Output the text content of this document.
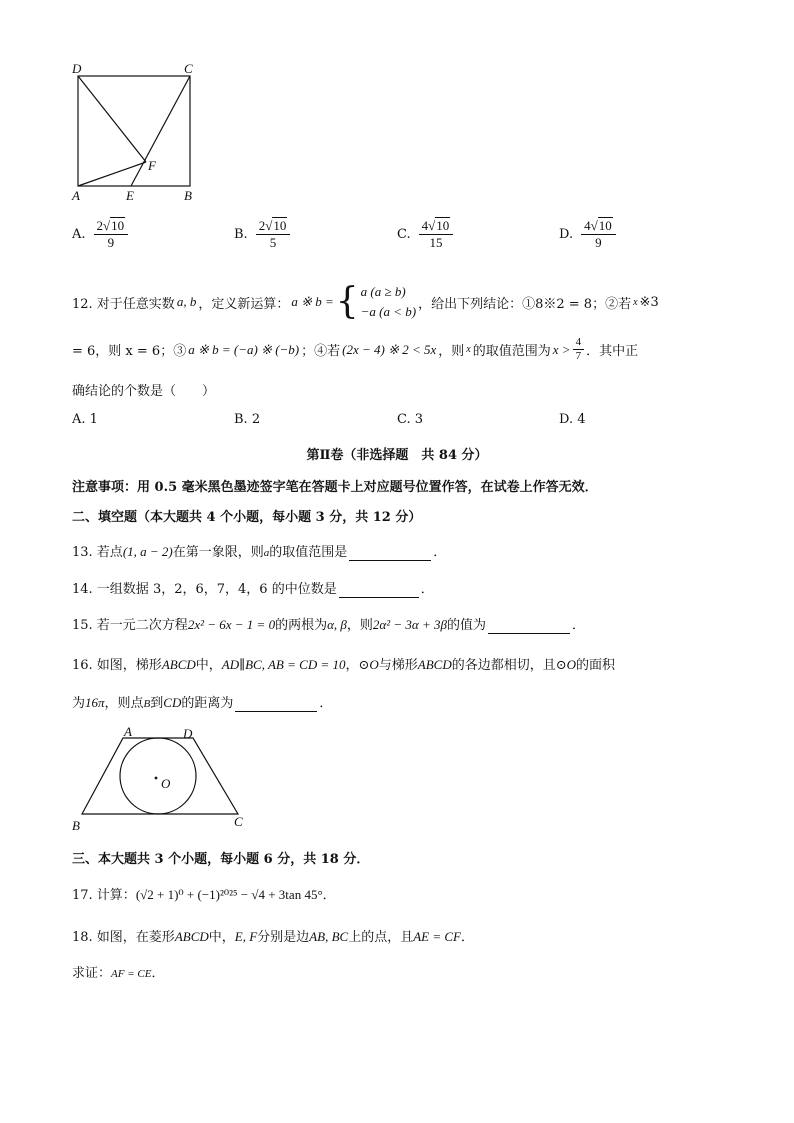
D	C
A	B
E
F
A. $\frac{2√10}{9}$	B. $\frac{2√10}{5}$	C. $\frac{4√10}{15}$	D. $\frac{4√10}{9}$
12. 对于任意实数 a, b ，定义新运算： a ※ b = { a (a ≥ b)
−a (a < b) ，给出下列结论：①8※2 = 8；②若 x ※3
= 6，则 x = 6；③ a ※ b = (−a) ※ (−b) ；④若 (2x − 4) ※ 2 < 5x ，则 x 的取值范围为 $x > \frac{4}{7}$ ．其中正
确结论的个数是（　　）
A. 1	B. 2	C. 3	D. 4
第Ⅱ卷（非选择题　共 84 分）
注意事项：用 0.5 毫米黑色墨迹签字笔在答题卡上对应题号位置作答，在试卷上作答无效．
二、填空题（本大题共 4 个小题，每小题 3 分，共 12 分）
13. 若点(1, a − 2)在第一象限，则a的取值范围是	．
14. 一组数据 3，2，6，7，4，6 的中位数是	．
15. 若一元二次方程2x² − 6x − 1 = 0的两根为α, β，则2α² − 3α + 3β的值为	．
16. 如图，梯形ABCD中，AD∥BC, AB = CD = 10，⊙O与梯形ABCD的各边都相切，且⊙O的面积
为16π，则点B到CD的距离为	．
A	D
O
B	C
三、本大题共 3 个小题，每小题 6 分，共 18 分．
17. 计算：(√2 + 1)⁰ + (−1)²⁰²⁵ − √4 + 3tan 45°．
18. 如图，在菱形ABCD中，E, F分别是边AB, BC上的点，且AE = CF．
求证：AF = CE．
